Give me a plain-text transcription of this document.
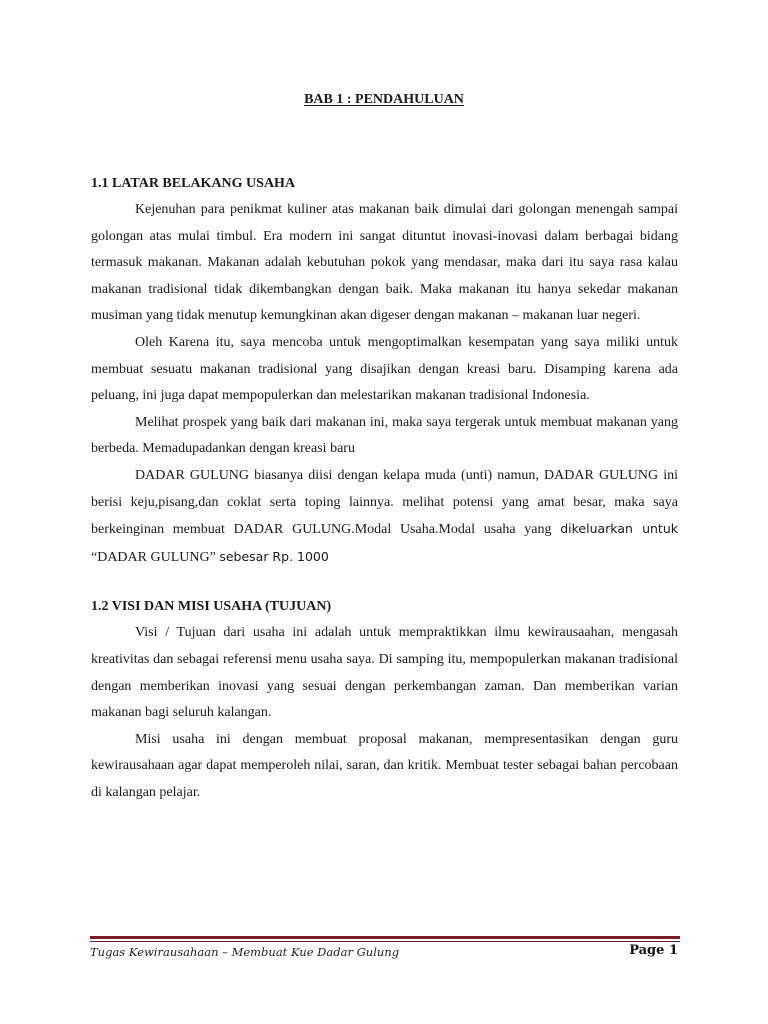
BAB 1 : PENDAHULUAN
1.1 LATAR BELAKANG USAHA

Kejenuhan para penikmat kuliner atas makanan baik dimulai dari golongan menengah sampai golongan atas mulai timbul. Era modern ini sangat dituntut inovasi-inovasi dalam berbagai bidang termasuk makanan. Makanan adalah kebutuhan pokok yang mendasar, maka dari itu saya rasa kalau makanan tradisional tidak dikembangkan dengan baik. Maka makanan itu hanya sekedar makanan musiman yang tidak menutup kemungkinan akan digeser dengan makanan – makanan luar negeri.

Oleh Karena itu, saya mencoba untuk mengoptimalkan kesempatan yang saya miliki untuk membuat sesuatu makanan tradisional yang disajikan dengan kreasi baru. Disamping karena ada peluang, ini juga dapat mempopulerkan dan melestarikan makanan tradisional Indonesia.

Melihat prospek yang baik dari makanan ini, maka saya tergerak untuk membuat makanan yang berbeda. Memadupadankan dengan kreasi baru

DADAR GULUNG biasanya diisi dengan kelapa muda (unti) namun, DADAR GULUNG ini berisi keju,pisang,dan coklat serta toping lainnya. melihat potensi yang amat besar, maka saya berkeinginan membuat DADAR GULUNG.Modal Usaha.Modal usaha yang dikeluarkan untuk “DADAR GULUNG” sebesar Rp. 1000

1.2 VISI DAN MISI USAHA (TUJUAN)

Visi / Tujuan dari usaha ini adalah untuk mempraktikkan ilmu kewirausaahan, mengasah kreativitas dan sebagai referensi menu usaha saya. Di samping itu, mempopulerkan makanan tradisional dengan memberikan inovasi yang sesuai dengan perkembangan zaman. Dan memberikan varian makanan bagi seluruh kalangan.

Misi usaha ini dengan membuat proposal makanan, mempresentasikan dengan guru kewirausahaan agar dapat memperoleh nilai, saran, dan kritik. Membuat tester sebagai bahan percobaan di kalangan pelajar.

Tugas Kewirausahaan – Membuat Kue Dadar Gulung	Page 1
